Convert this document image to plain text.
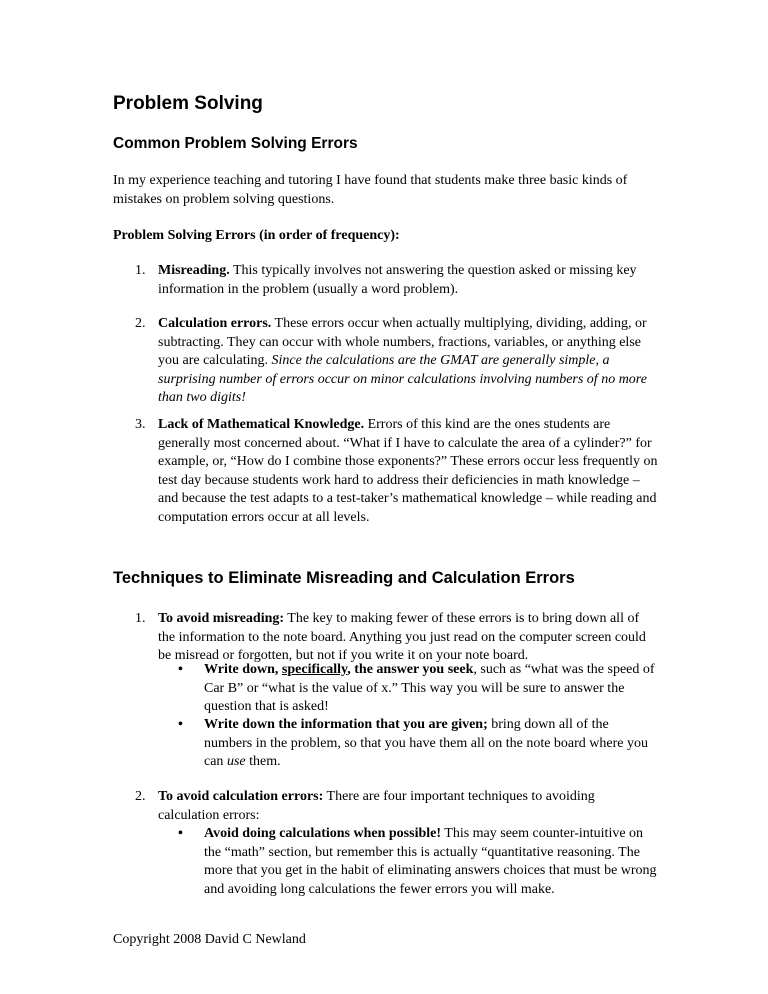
Problem Solving
Common Problem Solving Errors

In my experience teaching and tutoring I have found that students make three basic kinds of mistakes on problem solving questions.

Problem Solving Errors (in order of frequency):

1. Misreading. This typically involves not answering the question asked or missing key information in the problem (usually a word problem).

2. Calculation errors. These errors occur when actually multiplying, dividing, adding, or subtracting. They can occur with whole numbers, fractions, variables, or anything else you are calculating. Since the calculations are the GMAT are generally simple, a surprising number of errors occur on minor calculations involving numbers of no more than two digits!

3. Lack of Mathematical Knowledge. Errors of this kind are the ones students are generally most concerned about. “What if I have to calculate the area of a cylinder?” for example, or, “How do I combine those exponents?” These errors occur less frequently on test day because students work hard to address their deficiencies in math knowledge – and because the test adapts to a test-taker’s mathematical knowledge – while reading and computation errors occur at all levels.

Techniques to Eliminate Misreading and Calculation Errors

1. To avoid misreading: The key to making fewer of these errors is to bring down all of the information to the note board. Anything you just read on the computer screen could be misread or forgotten, but not if you write it on your note board.

• Write down, specifically, the answer you seek, such as “what was the speed of Car B” or “what is the value of x.” This way you will be sure to answer the question that is asked!

• Write down the information that you are given; bring down all of the numbers in the problem, so that you have them all on the note board where you can use them.

2. To avoid calculation errors: There are four important techniques to avoiding calculation errors:

• Avoid doing calculations when possible! This may seem counter-intuitive on the “math” section, but remember this is actually “quantitative reasoning. The more that you get in the habit of eliminating answers choices that must be wrong and avoiding long calculations the fewer errors you will make.

Copyright 2008 David C Newland
